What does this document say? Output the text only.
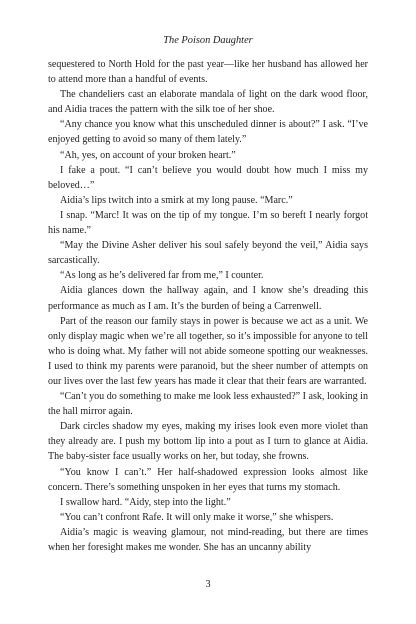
The Poison Daughter

sequestered to North Hold for the past year—like her husband has allowed her to attend more than a handful of events.

The chandeliers cast an elaborate mandala of light on the dark wood floor, and Aidia traces the pattern with the silk toe of her shoe.

“Any chance you know what this unscheduled dinner is about?” I ask. “I’ve enjoyed getting to avoid so many of them lately.”

“Ah, yes, on account of your broken heart.”

I fake a pout. “I can’t believe you would doubt how much I miss my beloved…”

Aidia’s lips twitch into a smirk at my long pause. “Marc.”

I snap. “Marc! It was on the tip of my tongue. I’m so bereft I nearly forgot his name.”

“May the Divine Asher deliver his soul safely beyond the veil,” Aidia says sarcastically.

“As long as he’s delivered far from me,” I counter.

Aidia glances down the hallway again, and I know she’s dreading this performance as much as I am. It’s the burden of being a Carrenwell.

Part of the reason our family stays in power is because we act as a unit. We only display magic when we’re all together, so it’s impossible for anyone to tell who is doing what. My father will not abide someone spotting our weaknesses. I used to think my parents were paranoid, but the sheer number of attempts on our lives over the last few years has made it clear that their fears are warranted.

“Can’t you do something to make me look less exhausted?” I ask, looking in the hall mirror again.

Dark circles shadow my eyes, making my irises look even more violet than they already are. I push my bottom lip into a pout as I turn to glance at Aidia. The baby-sister face usually works on her, but today, she frowns.

“You know I can’t.” Her half-shadowed expression looks almost like concern. There’s something unspoken in her eyes that turns my stomach.

I swallow hard. “Aidy, step into the light.”

“You can’t confront Rafe. It will only make it worse,” she whispers.

Aidia’s magic is weaving glamour, not mind-reading, but there are times when her foresight makes me wonder. She has an uncanny ability

3
